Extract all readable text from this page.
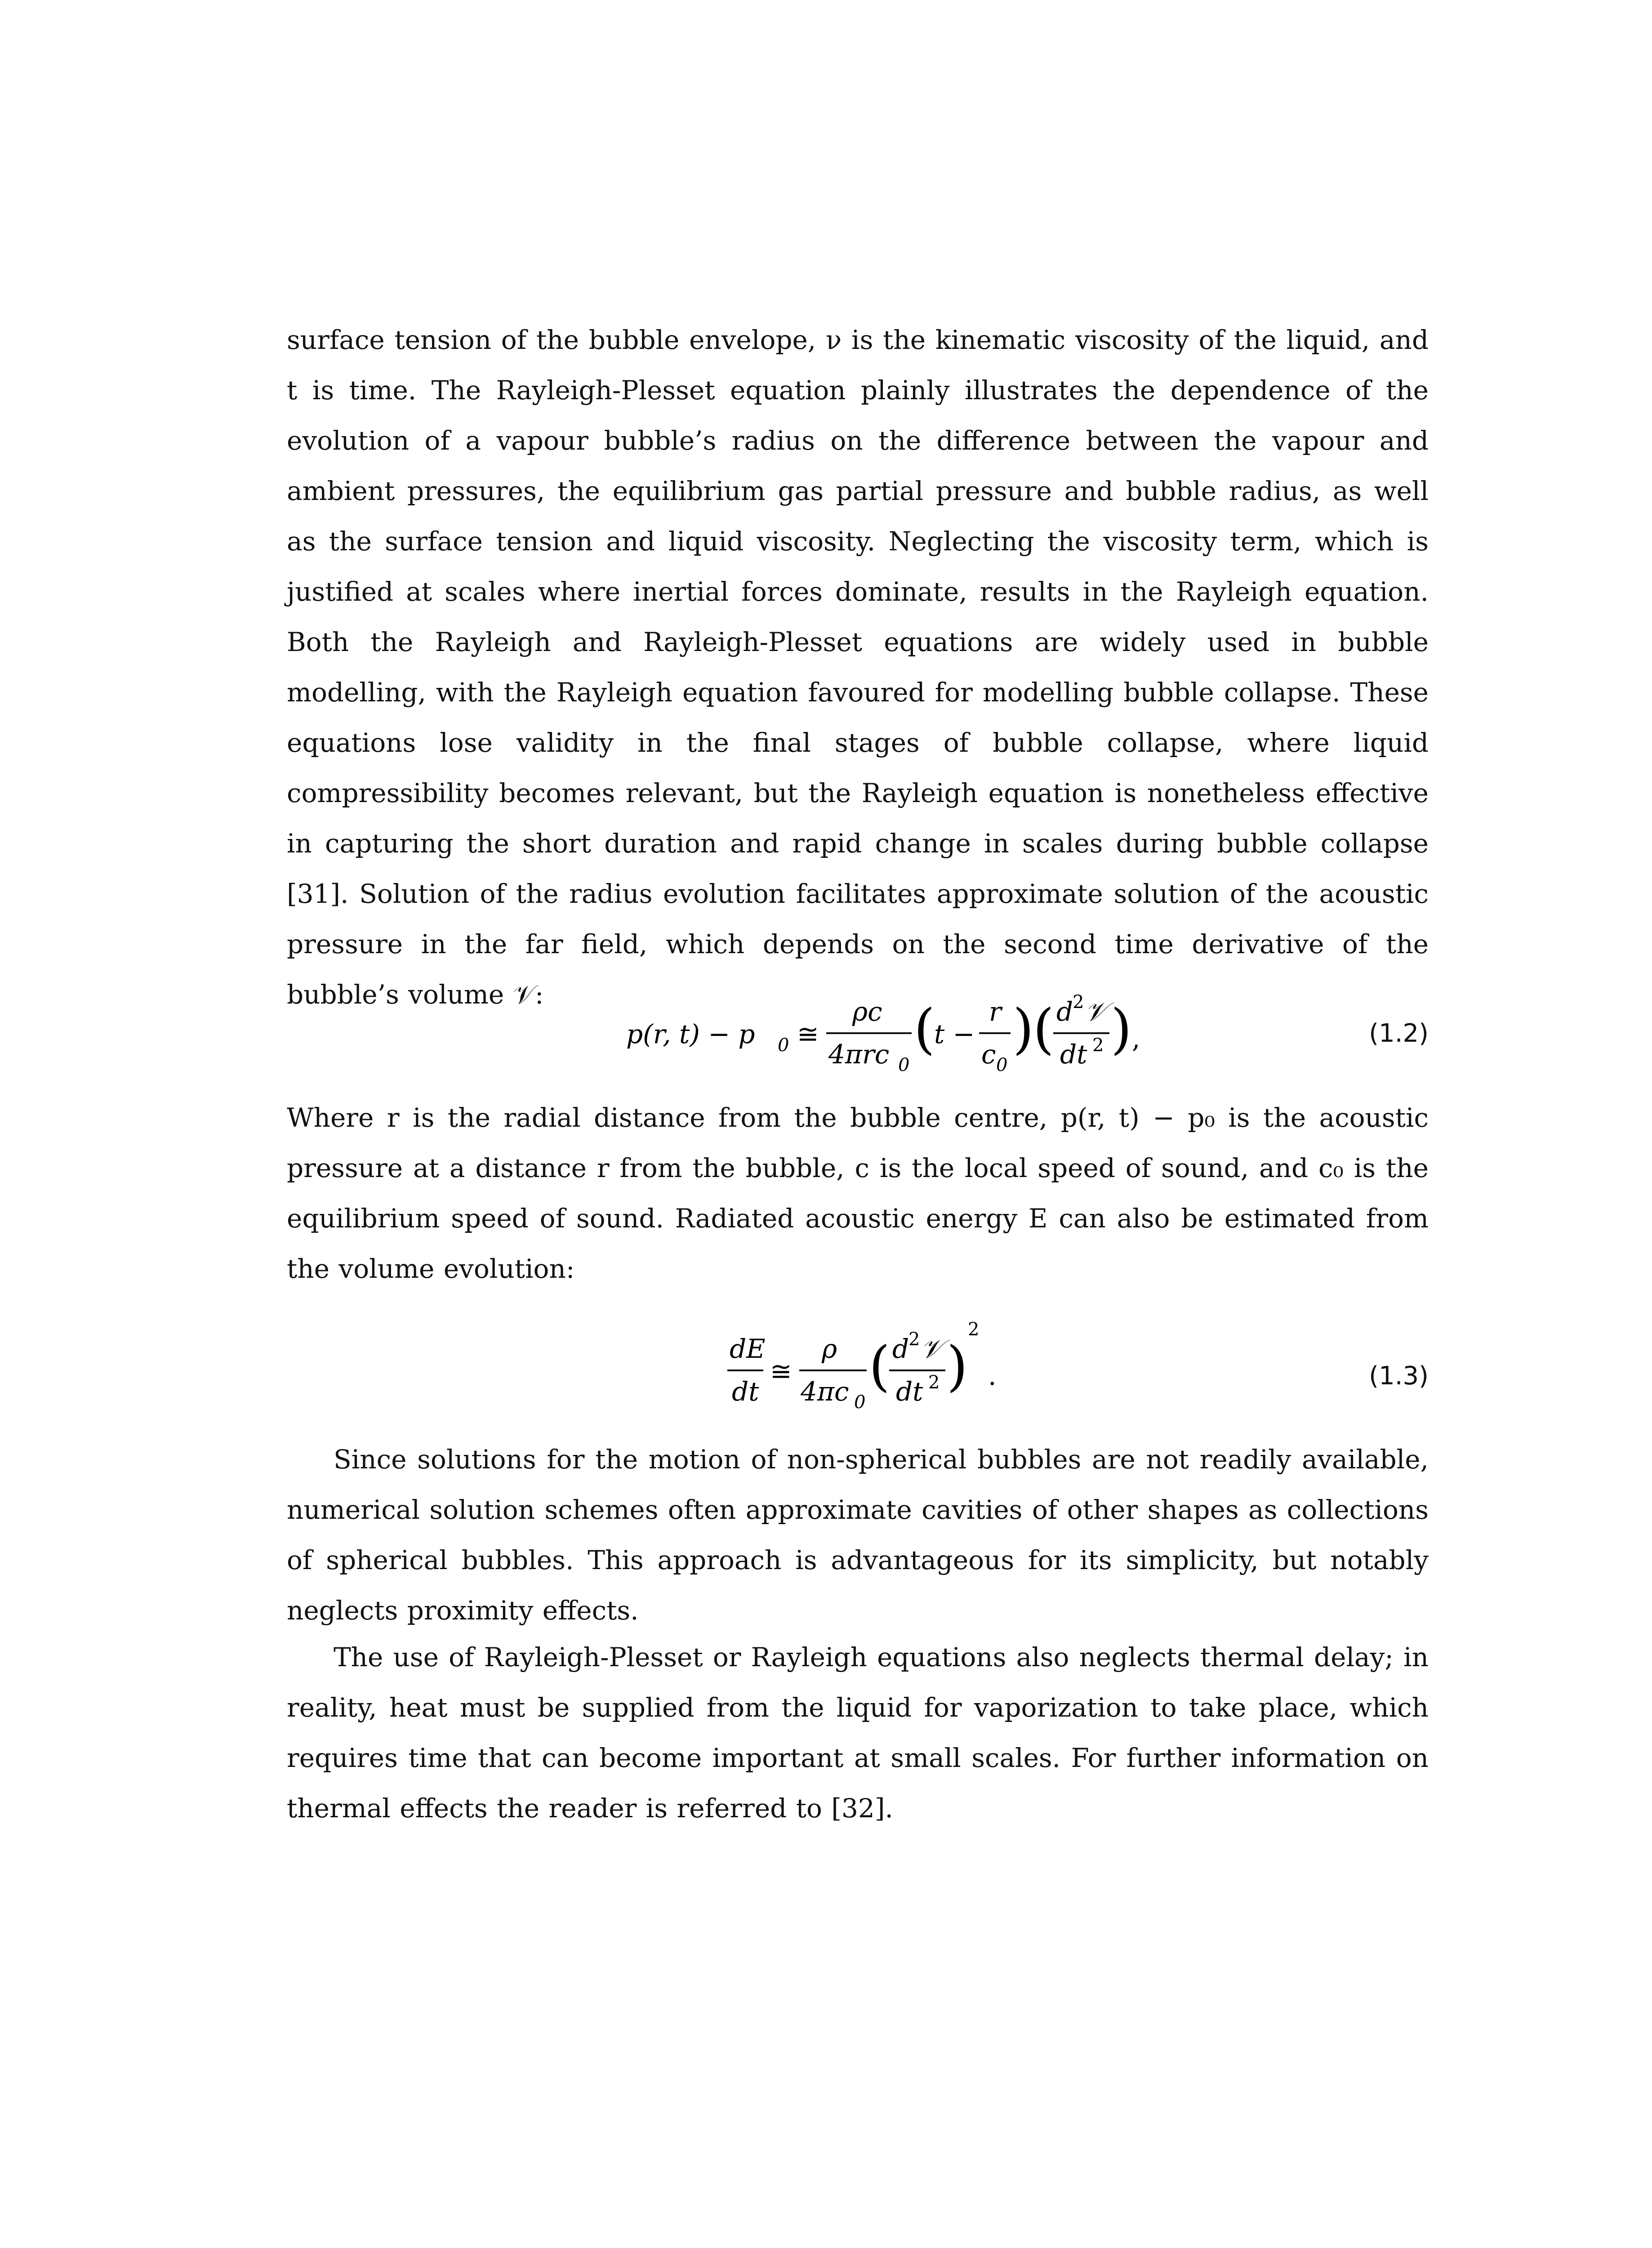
surface tension of the bubble envelope, ν is the kinematic viscosity of the liquid, and t is time. The Rayleigh-Plesset equation plainly illustrates the dependence of the evolution of a vapour bubble’s radius on the difference between the vapour and ambient pressures, the equilibrium gas partial pressure and bubble radius, as well as the surface tension and liquid viscosity. Neglecting the viscosity term, which is justified at scales where inertial forces dominate, results in the Rayleigh equation. Both the Rayleigh and Rayleigh-Plesset equations are widely used in bubble modelling, with the Rayleigh equation favoured for modelling bubble collapse. These equations lose validity in the final stages of bubble collapse, where liquid compressibility becomes relevant, but the Rayleigh equation is nonetheless effective in capturing the short duration and rapid change in scales during bubble collapse [31]. Solution of the radius evolution facilitates approximate solution of the acoustic pressure in the far field, which depends on the second time derivative of the bubble’s volume 𝒱:

p(r, t) − p 0 ≅
ρc
4πrc 0
(
t −
r
c 0
)
( d
2 𝒱
dt 2 ) ,	(1.2)

Where r is the radial distance from the bubble centre, p(r, t) − p₀ is the acoustic pressure at a distance r from the bubble, c is the local speed of sound, and c₀ is the equilibrium speed of sound. Radiated acoustic energy E can also be estimated from the volume evolution:

dE
dt
≅
ρ
4πc 0
( d
2 𝒱
dt 2 )
2
.	(1.3)

Since solutions for the motion of non-spherical bubbles are not readily available, numerical solution schemes often approximate cavities of other shapes as collections of spherical bubbles. This approach is advantageous for its simplicity, but notably neglects proximity effects.

The use of Rayleigh-Plesset or Rayleigh equations also neglects thermal delay; in reality, heat must be supplied from the liquid for vaporization to take place, which requires time that can become important at small scales. For further information on thermal effects the reader is referred to [32].
